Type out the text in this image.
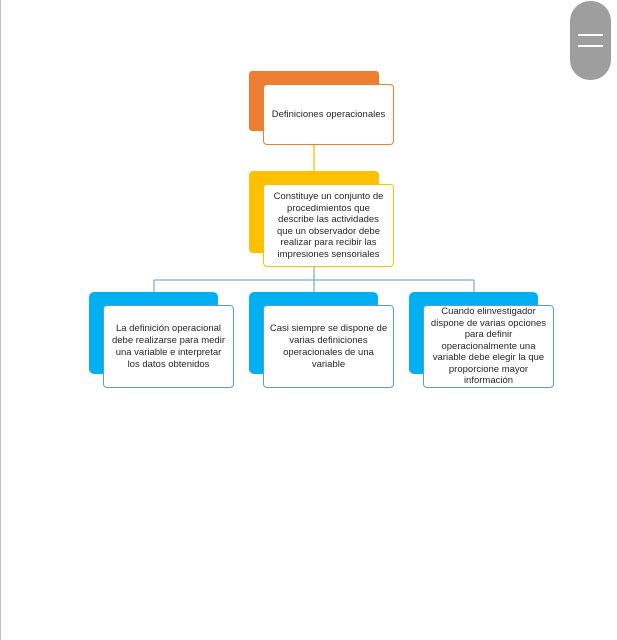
Definiciones operacionales
Constituye un conjunto de procedimientos que describe las actividades que un observador debe realizar para recibir las impresiones sensoriales
La definición operacional debe realizarse para medir una variable e interpretar los datos obtenidos
Casi siempre se dispone de varias definiciones operacionales de una variable
Cuando elinvestigador dispone de varias opciones para definir operacionalmente una variable debe elegir la que proporcione mayor información
